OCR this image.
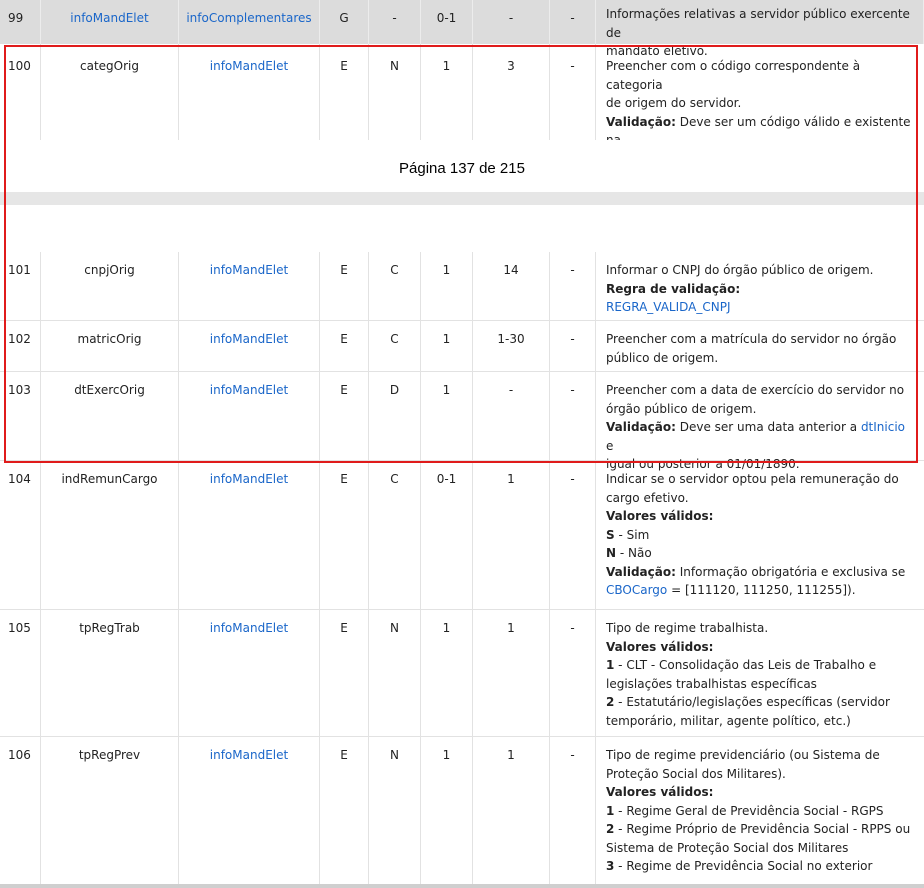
99	infoMandElet	infoComplementares	G	-	0-1	-	-	Informações relativas a servidor público exercente de
mandato eletivo.
100	categOrig	infoMandElet	E	N	1	3	-	Preencher com o código correspondente à categoria
de origem do servidor.
Validação: Deve ser um código válido e existente
Página 137 de 215
101	cnpjOrig	infoMandElet	E	C	1	14	-	Informar o CNPJ do órgão público de origem.
Regra de validação:
REGRA_VALIDA_CNPJ
102	matricOrig	infoMandElet	E	C	1	1-30	-	Preencher com a matrícula do servidor no órgão
público de origem.
103	dtExercOrig	infoMandElet	E	D	1	-	-	Preencher com a data de exercício do servidor no
órgão público de origem.
Validação: Deve ser uma data anterior a dtInicio e
igual ou posterior a 01/01/1890.
104	indRemunCargo	infoMandElet	E	C	0-1	1	-	Indicar se o servidor optou pela remuneração do
cargo efetivo.
Valores válidos:
S - Sim
N - Não
Validação: Informação obrigatória e exclusiva se
CBOCargo = [111120, 111250, 111255]).
105	tpRegTrab	infoMandElet	E	N	1	1	-	Tipo de regime trabalhista.
Valores válidos:
1 - CLT - Consolidação das Leis de Trabalho e
legislações trabalhistas específicas
2 - Estatutário/legislações específicas (servidor
temporário, militar, agente político, etc.)
106	tpRegPrev	infoMandElet	E	N	1	1	-	Tipo de regime previdenciário (ou Sistema de
Proteção Social dos Militares).
Valores válidos:
1 - Regime Geral de Previdência Social - RGPS
2 - Regime Próprio de Previdência Social - RPPS ou
Sistema de Proteção Social dos Militares
3 - Regime de Previdência Social no exterior
